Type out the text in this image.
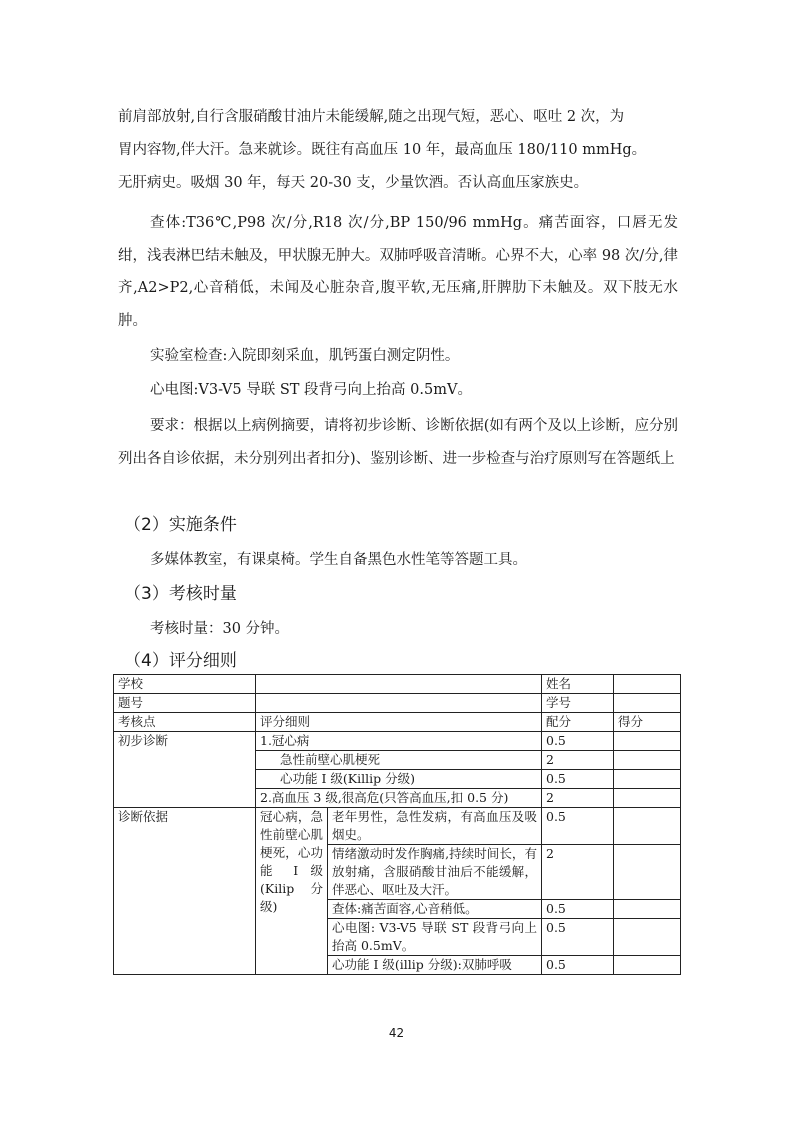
前肩部放射,自行含服硝酸甘油片未能缓解,随之出现气短，恶心、呕吐 2 次，为
胃内容物,伴大汗。急来就诊。既往有高血压 10 年，最高血压 180/110 mmHg。
无肝病史。吸烟 30 年，每天 20-30 支，少量饮酒。否认高血压家族史。

查体:T36℃,P98 次/分,R18 次/分,BP 150/96 mmHg。痛苦面容，口唇无发绀，浅表淋巴结未触及，甲状腺无肿大。双肺呼吸音清晰。心界不大，心率 98 次/分,律齐,A2>P2,心音稍低，未闻及心脏杂音,腹平软,无压痛,肝脾肋下未触及。双下肢无水肿。

实验室检查:入院即刻采血，肌钙蛋白测定阴性。
心电图:V3-V5 导联 ST 段背弓向上抬高 0.5mV。

要求：根据以上病例摘要，请将初步诊断、诊断依据(如有两个及以上诊断，应分别列出各自诊依据，未分别列出者扣分)、鉴别诊断、进一步检查与治疗原则写在答题纸上

（2）实施条件
多媒体教室，有课桌椅。学生自备黑色水性笔等答题工具。
（3）考核时量
考核时量：30 分钟。
（4）评分细则
学校			姓名	
题号			学号	
考核点	评分细则		配分	得分
初步诊断	1.冠心病		0.5	
	急性前壁心肌梗死		2	
	心功能 I 级(Killip 分级)		0.5	
	2.高血压 3 级,很高危(只答高血压,扣 0.5 分)		2	
诊断依据	冠心病，急性前壁心肌梗死，心功能 I 级(Kilip 分级)	老年男性，急性发病，有高血压及吸烟史。	0.5	
		情绪激动时发作胸痛,持续时间长，有放射痛，含服硝酸甘油后不能缓解，伴恶心、呕吐及大汗。	2	
		查体:痛苦面容,心音稍低。	0.5	
		心电图: V3-V5 导联 ST 段背弓向上抬高 0.5mV。	0.5	
		心功能 I 级(illip 分级):双肺呼吸	0.5	
42
